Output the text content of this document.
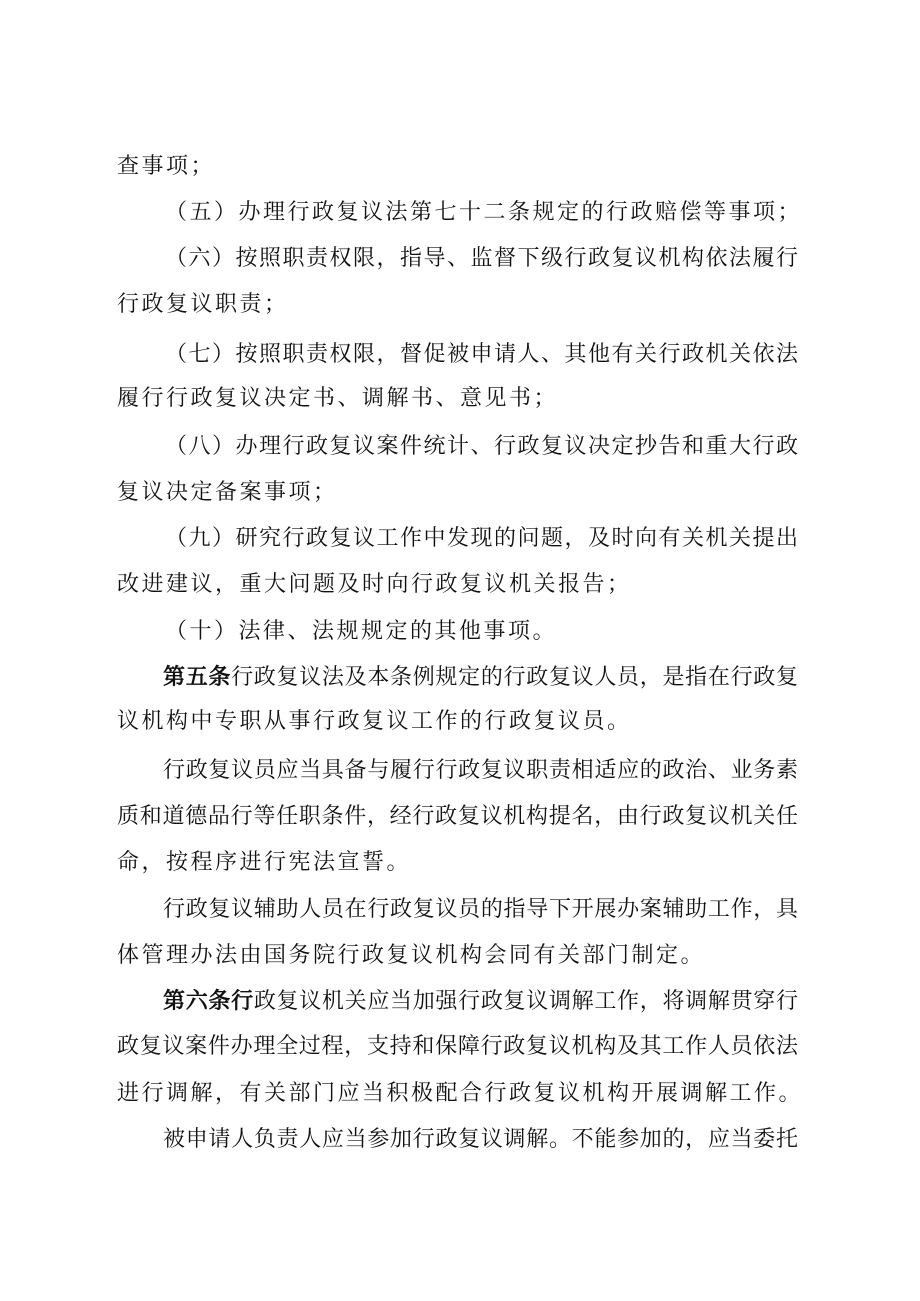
查事项；
（五）办理行政复议法第七十二条规定的行政赔偿等事项；
（六）按照职责权限，指导、监督下级行政复议机构依法履行
行政复议职责；
（七）按照职责权限，督促被申请人、其他有关行政机关依法
履行行政复议决定书、调解书、意见书；
（八）办理行政复议案件统计、行政复议决定抄告和重大行政
复议决定备案事项；
（九）研究行政复议工作中发现的问题，及时向有关机关提出
改进建议，重大问题及时向行政复议机关报告；
（十）法律、法规规定的其他事项。
第五条行政复议法及本条例规定的行政复议人员，是指在行政复
议机构中专职从事行政复议工作的行政复议员。
行政复议员应当具备与履行行政复议职责相适应的政治、业务素
质和道德品行等任职条件，经行政复议机构提名，由行政复议机关任
命，按程序进行宪法宣誓。
行政复议辅助人员在行政复议员的指导下开展办案辅助工作，具
体管理办法由国务院行政复议机构会同有关部门制定。
第六条行政复议机关应当加强行政复议调解工作，将调解贯穿行
政复议案件办理全过程，支持和保障行政复议机构及其工作人员依法
进行调解，有关部门应当积极配合行政复议机构开展调解工作。
被申请人负责人应当参加行政复议调解。不能参加的，应当委托
